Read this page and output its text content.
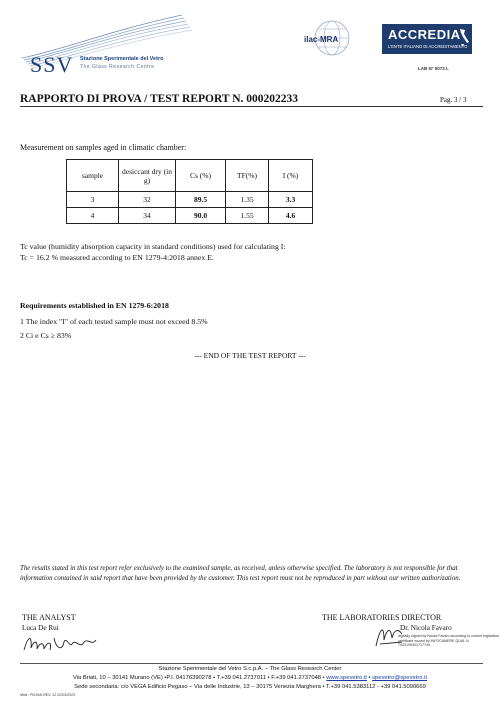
SSV Stazione Sperimentale del Vetro
The Glass Research Centre
ilac-MRA	ACCREDIA
L'ENTE ITALIANO DI ACCREDITAMENTO
LAB N° 0073 L
RAPPORTO DI PROVA / TEST REPORT N. 000202233	Pag. 3 / 3
Measurement on samples aged in climatic chamber:
sample	desiccant dry (in g)	Cs (%)	TF(%)	I (%)
3	32	89.5	1.35	3.3
4	34	90.0	1.55	4.6
Tc value (humidity absorption capacity in standard conditions) used for calculating I:
Tc = 16.2 % measured according to EN 1279-4:2018 annex E.
Requirements established in EN 1279-6:2018
1 The index "I" of each tested sample must not exceed 8.5%
2 Ci e Cs ≥ 83%
--- END OF THE TEST REPORT ---
The results stated in this test report refer exclusively to the examined sample, as received, unless otherwise specified. The laboratory is not responsible for that information contained in said report that have been provided by the customer. This test report must not be reproduced in part without our written authorization.
THE ANALYST
Luca De Rui
THE LABORATORIES DIRECTOR
Dr. Nicola Favaro
digitally signed by Nicola Favaro according to current legislation
certificate issued by INFOCAMERE QUAL N. 7420100001717744
Stazione Sperimentale del Vetro S.c.p.A. – The Glass Research Center
Via Briati, 10 – 30141 Murano (VE) •P.I. 04176390278 • T.+39 041.2737011 • F.+39 041.2737048 • www.spevetro.it • spevetro@spevetro.it
Sede secondaria: c/o VEGA Edificio Pegaso – Via delle Industrie, 13 – 30175 Venezia Marghera • T.+39 041.5383112 - +39 041.5090669
Mod.: PG19/6.REV. 12 02/03/2023
